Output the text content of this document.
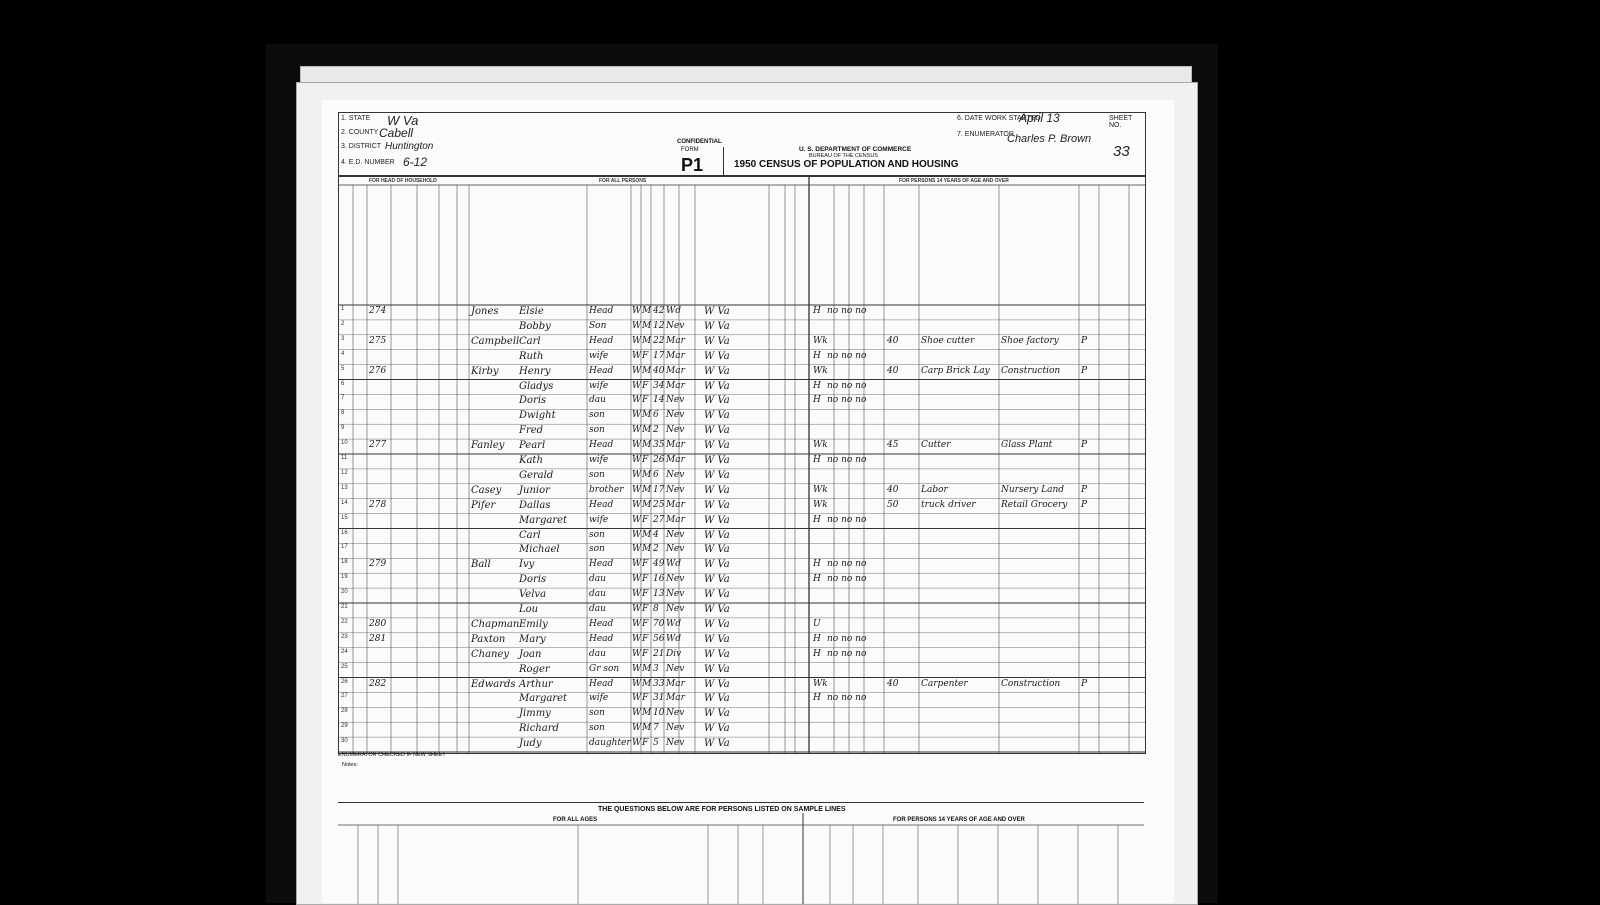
1. STATE W Va
2. COUNTY Cabell
3. DISTRICT Huntington
4. E.D. NUMBER 6-12
CONFIDENTIAL
FORM
P1
U. S. DEPARTMENT OF COMMERCE
BUREAU OF THE CENSUS
1950 CENSUS OF POPULATION AND HOUSING
6. DATE WORK STARTED
April 13
7. ENUMERATOR
Charles P. Brown
SHEET NO.
33
FOR HEAD OF HOUSEHOLD	FOR ALL PERSONS	FOR PERSONS 14 YEARS OF AGE AND OVER
1	274	Jones Elsie	Head W M 42 Wd W Va	H no no no
2	Bobby	Son	W M 12 Nev W Va
3	275	Campbell Carl	Head W M 22 Mar W Va	Wk	40	Shoe cutter	Shoe factory P
4	Ruth	wife	W F 17 Mar W Va	H no no no
5	276	Kirby Henry	Head W M 40 Mar W Va	Wk	40	Carp Brick Lay Construction P
6	Gladys	wife	W F 34 Mar W Va	H no no no
7	Doris	dau	W F 14 Nev W Va	H no no no
8	Dwight	son	W M 6 Nev W Va
9	Fred	son	W M 2 Nev W Va
10 277	Fanley Pearl	Head W M 35 Mar W Va	Wk	45	Cutter	Glass Plant	P
11	Kath	wife	W F 26 Mar W Va	H no no no
12	Gerald	son	W M 6 Nev W Va
13	Casey Junior	brother W M 17 Nev W Va	Wk	40	Labor	Nursery Land P
14 278	Pifer Dallas	Head W M 25 Mar W Va	Wk	50	truck driver	Retail Grocery P
15	Margaret wife	W F 27 Mar W Va	H no no no
16	Carl	son	W M 4 Nev W Va
17	Michael	son	W M 2 Nev W Va
18 279	Ball	Ivy	Head W F 49 Wd W Va	H no no no
19	Doris	dau	W F 16 Nev W Va	H no no no
20	Velva	dau	W F 13 Nev W Va
21	Lou	dau	W F 8 Nev W Va
22 280	Chapman Emily	Head W F 70 Wd W Va	U
23 281	Paxton Mary	Head W F 56 Wd W Va	H no no no
24	Chaney Joan	dau	W F 21 Div W Va	H no no no
25	Roger	Gr son W M 3 Nev W Va
26 282	Edwards Arthur	Head W M 33 Mar W Va	Wk	40	Carpenter	Construction P
27	Margaret wife	W F 31 Mar W Va	H no no no
28	Jimmy	son	W M 10 Nev W Va
29	Richard	son	W M 7 Nev W Va
30	Judy	daughter W F 5 Nev W Va
ENUMERATOR CHECKED IF NEW SHEET
Notes:
THE QUESTIONS BELOW ARE FOR PERSONS LISTED ON SAMPLE LINES
FOR ALL AGES	FOR PERSONS 14 YEARS OF AGE AND OVER
